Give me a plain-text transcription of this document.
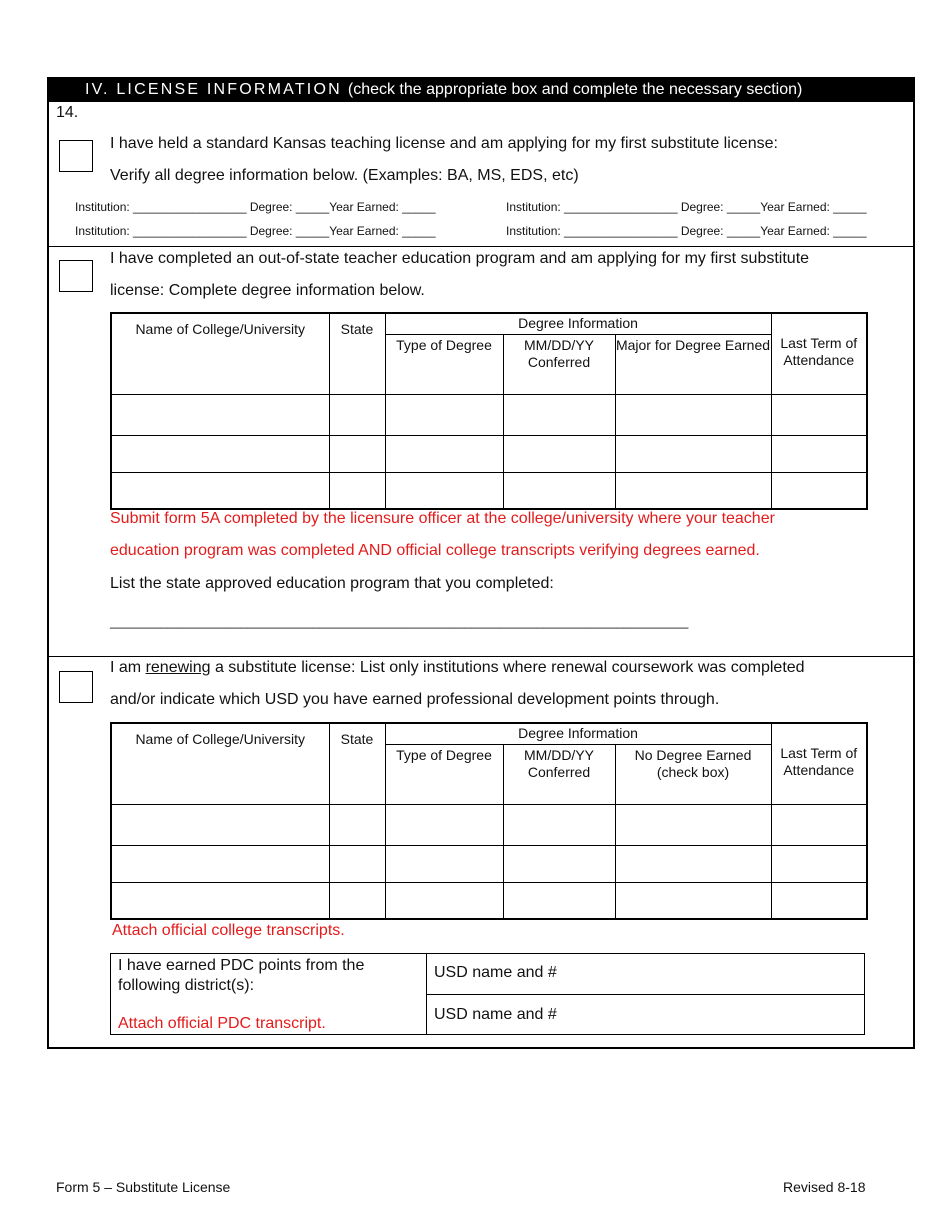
IV. LICENSE INFORMATION (check the appropriate box and complete the necessary section)
14.
I have held a standard Kansas teaching license and am applying for my first substitute license:
Verify all degree information below. (Examples: BA, MS, EDS, etc)
Institution: _________________ Degree: _____Year Earned: _____	Institution: _________________ Degree: _____Year Earned: _____
Institution: _________________ Degree: _____Year Earned: _____	Institution: _________________ Degree: _____Year Earned: _____
I have completed an out-of-state teacher education program and am applying for my first substitute
license: Complete degree information below.
Name of College/University	State	Degree Information			Last Term of Attendance
		Type of Degree	MM/DD/YY Conferred	Major for Degree Earned	

Submit form 5A completed by the licensure officer at the college/university where your teacher
education program was completed AND official college transcripts verifying degrees earned.
List the state approved education program that you completed:
________________________________________________________________________________
I am renewing a substitute license: List only institutions where renewal coursework was completed
and/or indicate which USD you have earned professional development points through.
Name of College/University	State	Degree Information			Last Term of Attendance
		Type of Degree	MM/DD/YY Conferred	No Degree Earned (check box)	

Attach official college transcripts.
I have earned PDC points from the following district(s):
Attach official PDC transcript.
USD name and #
USD name and #
Form 5 – Substitute License	Revised 8-18
